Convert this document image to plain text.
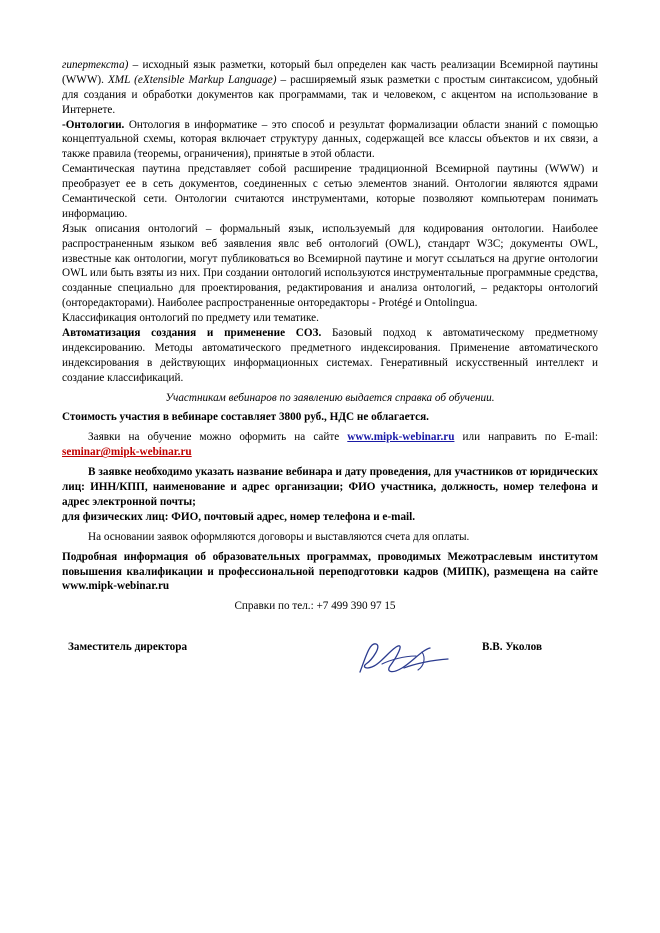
гипертекста) – исходный язык разметки, который был определен как часть реализации Всемирной паутины (WWW). XML (eXtensible Markup Language) – расширяемый язык разметки с простым синтаксисом, удобный для создания и обработки документов как программами, так и человеком, с акцентом на использование в Интернете.

-Онтологии. Онтология в информатике – это способ и результат формализации области знаний с помощью концептуальной схемы, которая включает структуру данных, содержащей все классы объектов и их связи, а также правила (теоремы, ограничения), принятые в этой области.

Семантическая паутина представляет собой расширение традиционной Всемирной паутины (WWW) и преобразует ее в сеть документов, соединенных с сетью элементов знаний. Онтологии являются ядрами Семантической сети. Онтологии считаются инструментами, которые позволяют компьютерам понимать информацию.

Язык описания онтологий – формальный язык, используемый для кодирования онтологии. Наиболее распространенным языком веб заявления явлс веб онтологий (OWL), стандарт W3C; документы OWL, известные как онтологии, могут публиковаться во Всемирной паутине и могут ссылаться на другие онтологии OWL или быть взяты из них. При создании онтологий используются инструментальные программные средства, созданные специально для проектирования, редактирования и анализа онтологий, – редакторы онтологий (онторедакторами). Наиболее распространенные онторедакторы - Protégé и Ontolingua.

Классификация онтологий по предмету или тематике.

Автоматизация создания и применение СОЗ. Базовый подход к автоматическому предметному индексированию. Методы автоматического предметного индексирования. Применение автоматического индексирования в действующих информационных системах. Генеративный искусственный интеллект и создание классификаций.

Участникам вебинаров по заявлению выдается справка об обучении.

Стоимость участия в вебинаре составляет 3800 руб., НДС не облагается.

Заявки на обучение можно оформить на сайте www.mipk-webinar.ru или направить по E-mail: seminar@mipk-webinar.ru

В заявке необходимо указать название вебинара и дату проведения, для участников от юридических лиц: ИНН/КПП, наименование и адрес организации; ФИО участника, должность, номер телефона и адрес электронной почты;

для физических лиц: ФИО, почтовый адрес, номер телефона и e-mail.

На основании заявок оформляются договоры и выставляются счета для оплаты.

Подробная информация об образовательных программах, проводимых Межотраслевым институтом повышения квалификации и профессиональной переподготовки кадров (МИПК), размещена на сайте www.mipk-webinar.ru

Справки по тел.: +7 499 390 97 15

Заместитель директора	В.В. Уколов
